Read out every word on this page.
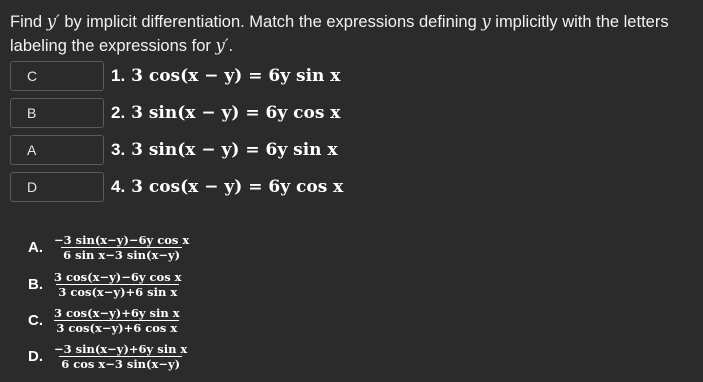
Find y′ by implicit differentiation. Match the expressions defining y implicitly with the letters labeling the expressions for y′.
C	1. 3 cos(x − y) = 6y sin x
B	2. 3 sin(x − y) = 6y cos x
A	3. 3 sin(x − y) = 6y sin x
D	4. 3 cos(x − y) = 6y cos x
A. $\frac{\text{−3 sin(x−y)−6y cos x}}{\text{6 sin x−3 sin(x−y)}}$
B. $\frac{\text{3 cos(x−y)−6y cos x}}{\text{3 cos(x−y)+6 sin x}}$
C. $\frac{\text{3 cos(x−y)+6y sin x}}{\text{3 cos(x−y)+6 cos x}}$
D. $\frac{\text{−3 sin(x−y)+6y sin x}}{\text{6 cos x−3 sin(x−y)}}$
